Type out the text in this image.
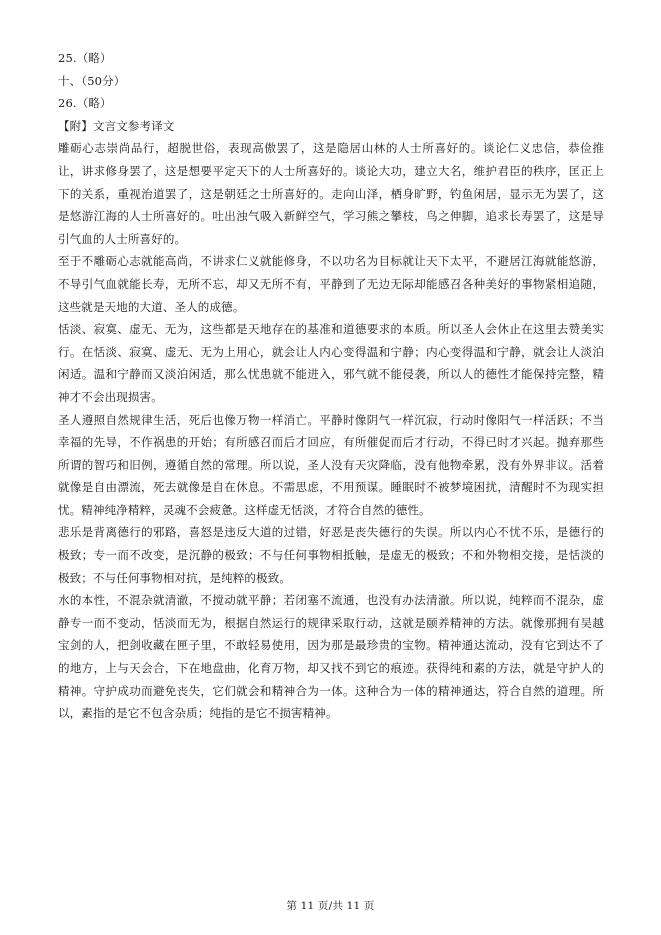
25.（略）
十、（50分）
26.（略）
【附】文言文参考译文

雕砺心志崇尚品行，超脱世俗，表现高傲罢了，这是隐居山林的人士所喜好的。谈论仁义忠信，恭俭推让，讲求修身罢了，这是想要平定天下的人士所喜好的。谈论大功，建立大名，维护君臣的秩序，匡正上下的关系，重视治道罢了，这是朝廷之士所喜好的。走向山泽，栖身旷野，钓鱼闲居，显示无为罢了，这是悠游江海的人士所喜好的。吐出浊气吸入新鲜空气，学习熊之攀枝，鸟之伸脚，追求长寿罢了，这是导引气血的人士所喜好的。

至于不雕砺心志就能高尚，不讲求仁义就能修身，不以功名为目标就让天下太平，不避居江海就能悠游，不导引气血就能长寿，无所不忘，却又无所不有，平静到了无边无际却能感召各种美好的事物紧相追随，这些就是天地的大道、圣人的成德。

恬淡、寂寞、虚无、无为，这些都是天地存在的基准和道德要求的本质。所以圣人会休止在这里去赞美实行。在恬淡、寂寞、虚无、无为上用心，就会让人内心变得温和宁静；内心变得温和宁静，就会让人淡泊闲适。温和宁静而又淡泊闲适，那么忧患就不能进入，邪气就不能侵袭，所以人的德性才能保持完整，精神才不会出现损害。

圣人遵照自然规律生活，死后也像万物一样消亡。平静时像阴气一样沉寂，行动时像阳气一样活跃；不当幸福的先导，不作祸患的开始；有所感召而后才回应，有所催促而后才行动，不得已时才兴起。抛弃那些所谓的智巧和旧例，遵循自然的常理。所以说，圣人没有天灾降临，没有他物牵累，没有外界非议。活着就像是自由漂流，死去就像是自在休息。不需思虑，不用预谋。睡眠时不被梦境困扰，清醒时不为现实担忧。精神纯净精粹，灵魂不会疲惫。这样虚无恬淡，才符合自然的德性。

悲乐是背离德行的邪路，喜怒是违反大道的过错，好恶是丧失德行的失误。所以内心不忧不乐，是德行的极致；专一而不改变，是沉静的极致；不与任何事物相抵触，是虚无的极致；不和外物相交接，是恬淡的极致；不与任何事物相对抗，是纯粹的极致。

水的本性，不混杂就清澈，不搅动就平静；若闭塞不流通，也没有办法清澈。所以说，纯粹而不混杂，虚静专一而不变动，恬淡而无为，根据自然运行的规律采取行动，这就是颐养精神的方法。就像那拥有吴越宝剑的人，把剑收藏在匣子里，不敢轻易使用，因为那是最珍贵的宝物。精神通达流动，没有它到达不了的地方，上与天会合，下在地盘曲，化育万物，却又找不到它的痕迹。获得纯和素的方法，就是守护人的精神。守护成功而避免丧失，它们就会和精神合为一体。这种合为一体的精神通达，符合自然的道理。所以，素指的是它不包含杂质；纯指的是它不损害精神。

第 11 页/共 11 页
